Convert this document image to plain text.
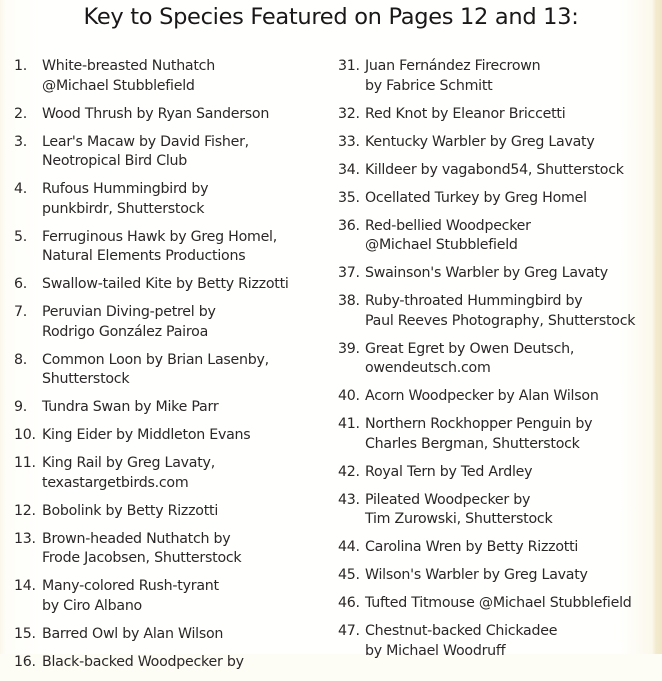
Key to Species Featured on Pages 12 and 13:
1. White-breasted Nuthatch
@Michael Stubblefield
2. Wood Thrush by Ryan Sanderson
3. Lear's Macaw by David Fisher,
Neotropical Bird Club
4. Rufous Hummingbird by
punkbirdr, Shutterstock
5. Ferruginous Hawk by Greg Homel,
Natural Elements Productions
6. Swallow-tailed Kite by Betty Rizzotti
7. Peruvian Diving-petrel by
Rodrigo González Pairoa
8. Common Loon by Brian Lasenby,
Shutterstock
9. Tundra Swan by Mike Parr
10. King Eider by Middleton Evans
11. King Rail by Greg Lavaty,
texastargetbirds.com
12. Bobolink by Betty Rizzotti
13. Brown-headed Nuthatch by
Frode Jacobsen, Shutterstock
14. Many-colored Rush-tyrant
by Ciro Albano
15. Barred Owl by Alan Wilson
16. Black-backed Woodpecker by
31. Juan Fernández Firecrown
by Fabrice Schmitt
32. Red Knot by Eleanor Briccetti
33. Kentucky Warbler by Greg Lavaty
34. Killdeer by vagabond54, Shutterstock
35. Ocellated Turkey by Greg Homel
36. Red-bellied Woodpecker
@Michael Stubblefield
37. Swainson's Warbler by Greg Lavaty
38. Ruby-throated Hummingbird by
Paul Reeves Photography, Shutterstock
39. Great Egret by Owen Deutsch,
owendeutsch.com
40. Acorn Woodpecker by Alan Wilson
41. Northern Rockhopper Penguin by
Charles Bergman, Shutterstock
42. Royal Tern by Ted Ardley
43. Pileated Woodpecker by
Tim Zurowski, Shutterstock
44. Carolina Wren by Betty Rizzotti
45. Wilson's Warbler by Greg Lavaty
46. Tufted Titmouse @Michael Stubblefield
47. Chestnut-backed Chickadee
by Michael Woodruff
